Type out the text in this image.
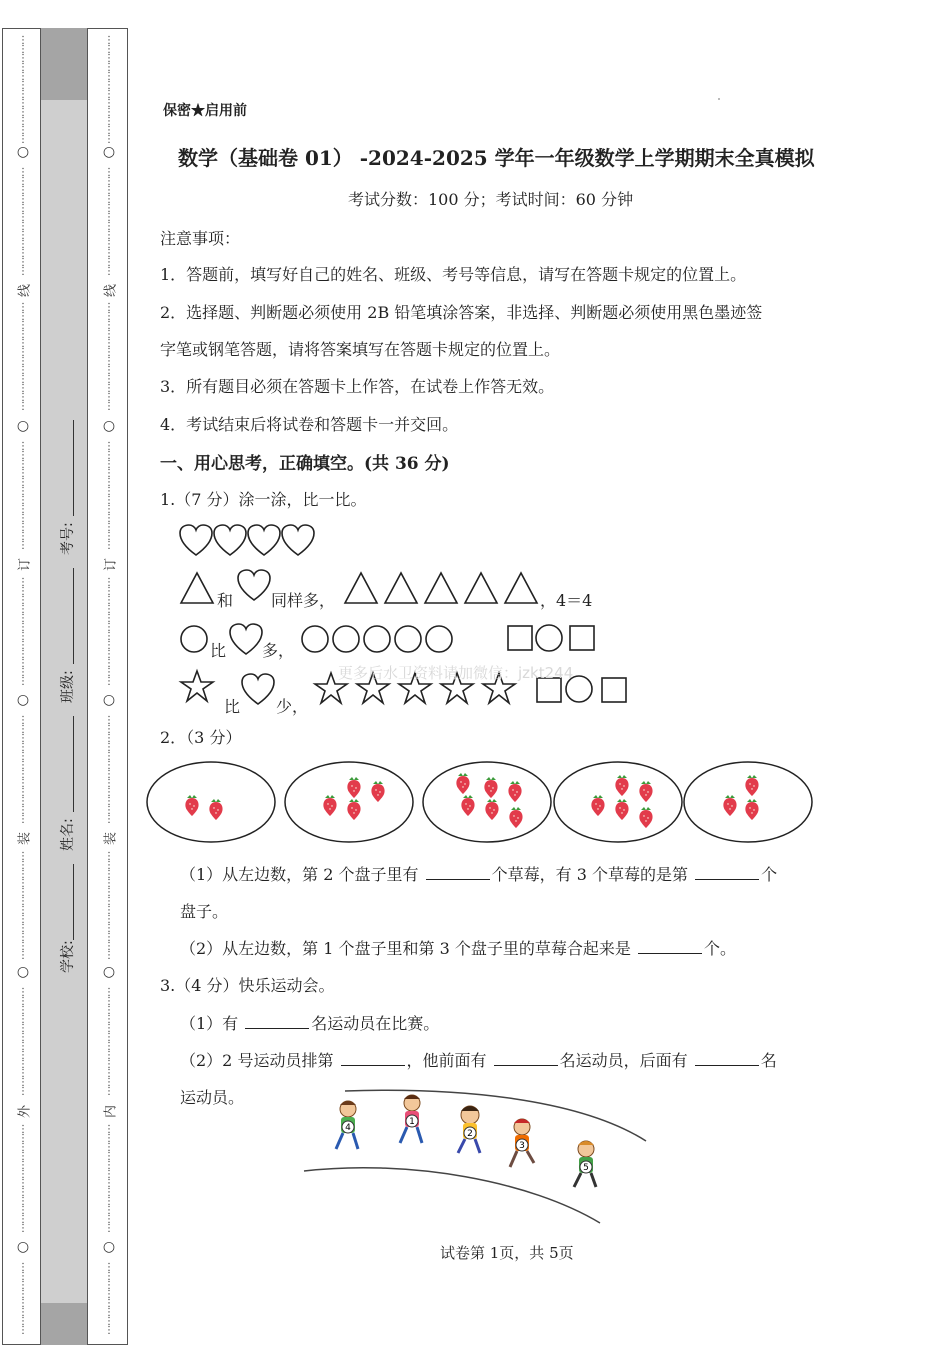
⋮
⋮
⋮
⋮
⋮
⋮
⋮
⋮
⋮
⋮
⋮
⋮
○
⋮
⋮
⋮
⋮
⋮
⋮
⋮
⋮
⋮
⋮
⋮
⋮
线
⋮
⋮
⋮
⋮
⋮
⋮
⋮
⋮
⋮
⋮
⋮
⋮
○
⋮
⋮
⋮
⋮
⋮
⋮
⋮
⋮
⋮
⋮
⋮
⋮
订
⋮
⋮
⋮
⋮
⋮
⋮
⋮
⋮
⋮
⋮
⋮
⋮
○
⋮
⋮
⋮
⋮
⋮
⋮
⋮
⋮
⋮
⋮
⋮
⋮
装
⋮
⋮
⋮
⋮
⋮
⋮
⋮
⋮
⋮
⋮
⋮
⋮
○
⋮
⋮
⋮
⋮
⋮
⋮
⋮
⋮
⋮
⋮
⋮
⋮
外
⋮
⋮
⋮
⋮
⋮
⋮
⋮
⋮
⋮
⋮
⋮
⋮
○
⋮
⋮
⋮
⋮
⋮
⋮
⋮
⋮
考号:
班级:
姓名:
学校:
⋮
⋮
⋮
⋮
⋮
⋮
⋮
⋮
⋮
⋮
⋮
⋮
○
⋮
⋮
⋮
⋮
⋮
⋮
⋮
⋮
⋮
⋮
⋮
⋮
线
⋮
⋮
⋮
⋮
⋮
⋮
⋮
⋮
⋮
⋮
⋮
⋮
○
⋮
⋮
⋮
⋮
⋮
⋮
⋮
⋮
⋮
⋮
⋮
⋮
订
⋮
⋮
⋮
⋮
⋮
⋮
⋮
⋮
⋮
⋮
⋮
⋮
○
⋮
⋮
⋮
⋮
⋮
⋮
⋮
⋮
⋮
⋮
⋮
⋮
装
⋮
⋮
⋮
⋮
⋮
⋮
⋮
⋮
⋮
⋮
⋮
⋮
○
⋮
⋮
⋮
⋮
⋮
⋮
⋮
⋮
⋮
⋮
⋮
⋮
内
⋮
⋮
⋮
⋮
⋮
⋮
⋮
⋮
⋮
⋮
⋮
⋮
○
⋮
⋮
⋮
⋮
⋮
⋮
⋮
⋮
保密★启用前
数学（基础卷 01） -2024-2025 学年一年级数学上学期期末全真模拟
考试分数：100 分；考试时间：60 分钟
注意事项：
1．答题前，填写好自己的姓名、班级、考号等信息，请写在答题卡规定的位置上。
2．选择题、判断题必须使用 2B 铅笔填涂答案，非选择、判断题必须使用黑色墨迹签
字笔或钢笔答题，请将答案填写在答题卡规定的位置上。
3．所有题目必须在答题卡上作答，在试卷上作答无效。
4．考试结束后将试卷和答题卡一并交回。
一、用心思考，正确填空。(共 36 分)
1.（7 分）涂一涂，比一比。
和 同样多，	，4＝4
比 多，
比 少，
更多后水卫资料请加微信：jzkt244
2．（3 分）
（1）从左边数，第 2 个盘子里有	个草莓，有 3 个草莓的是第	个
盘子。
（2）从左边数，第 1 个盘子里和第 3 个盘子里的草莓合起来是	个。
3.（4 分）快乐运动会。
（1）有	名运动员在比赛。
（2）2 号运动员排第	，他前面有	名运动员，后面有	名
运动员。
4
1
2
3
5
试卷第 1页，共 5页
